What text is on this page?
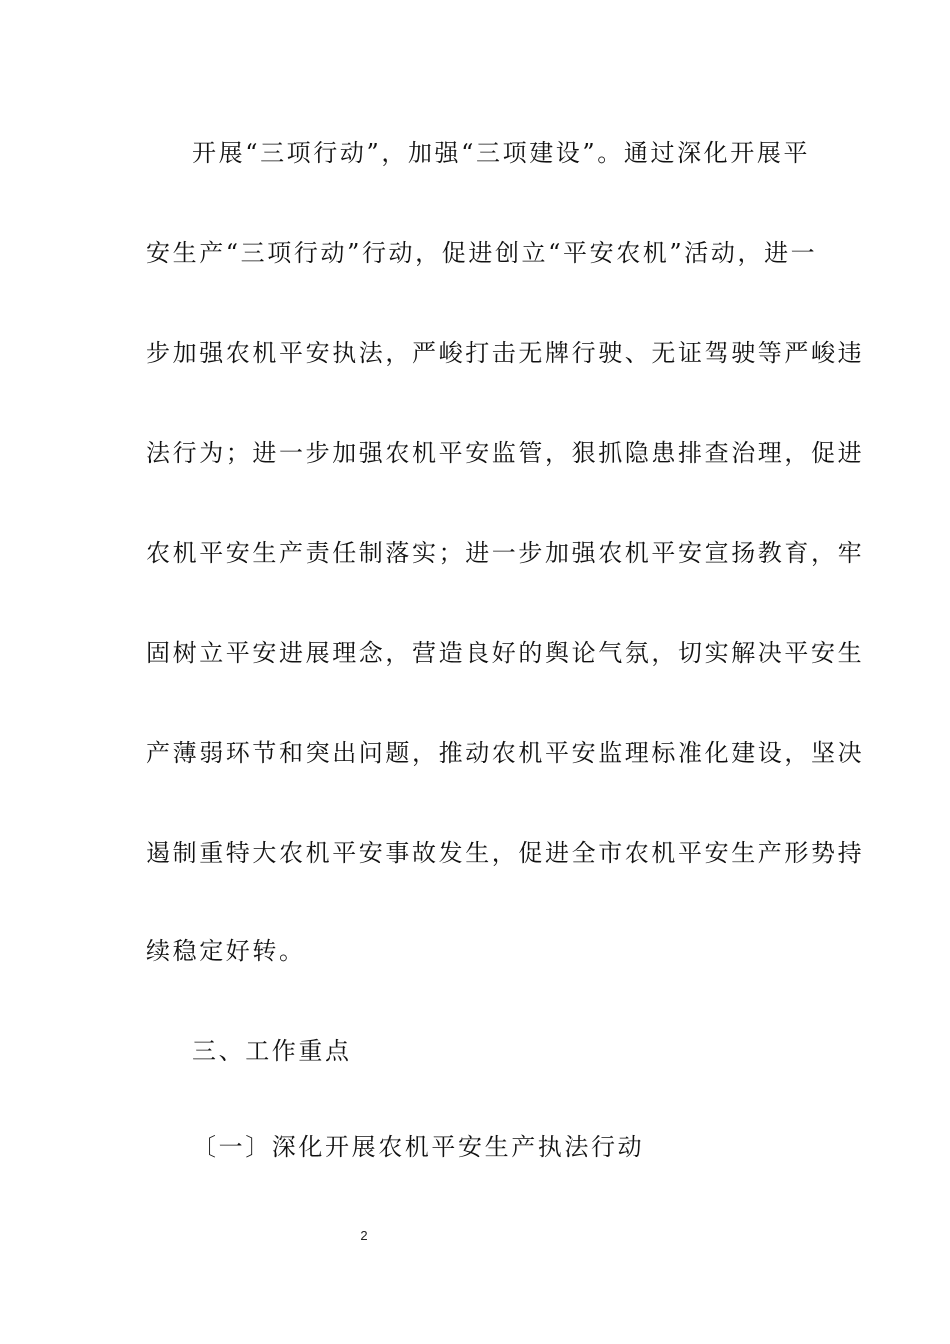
开展“三项行动”，加强“三项建设”。通过深化开展平
安生产“三项行动”行动，促进创立“平安农机”活动，进一
步加强农机平安执法，严峻打击无牌行驶、无证驾驶等严峻违
法行为；进一步加强农机平安监管，狠抓隐患排查治理，促进
农机平安生产责任制落实；进一步加强农机平安宣扬教育，牢
固树立平安进展理念，营造良好的舆论气氛，切实解决平安生
产薄弱环节和突出问题，推动农机平安监理标准化建设，坚决
遏制重特大农机平安事故发生，促进全市农机平安生产形势持
续稳定好转。
三、工作重点
〔一〕深化开展农机平安生产执法行动
2
